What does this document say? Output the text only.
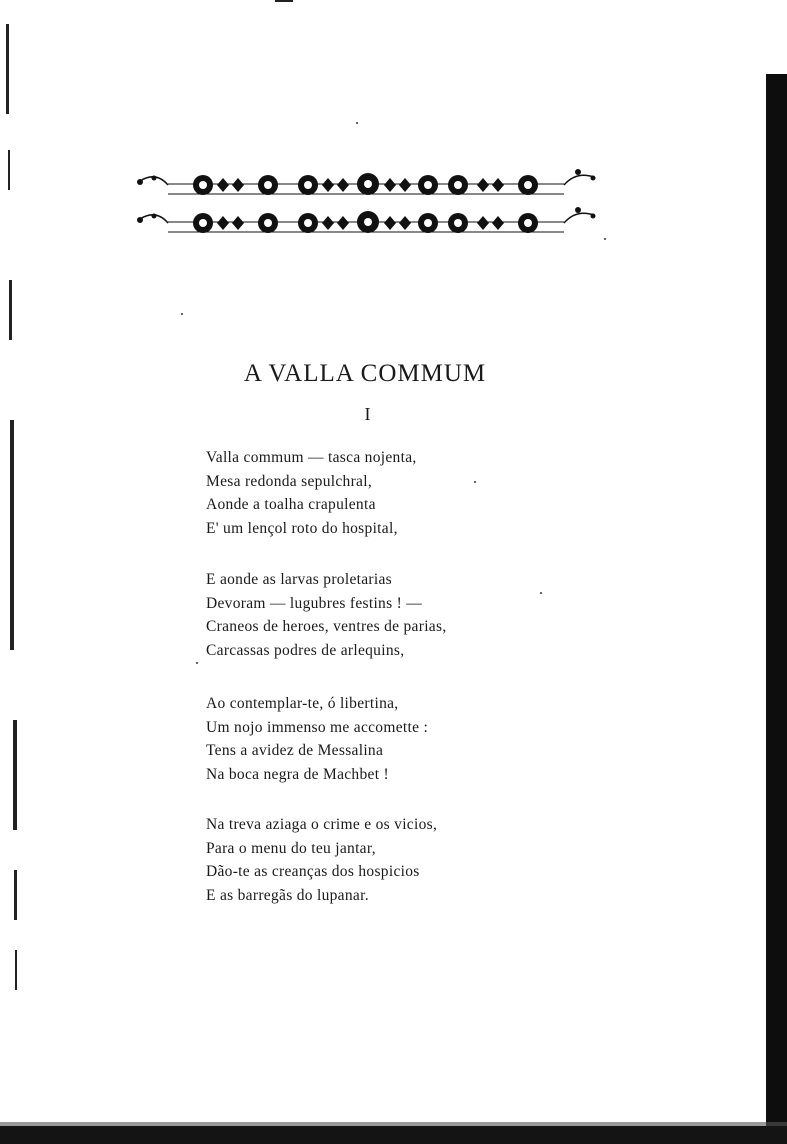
A VALLA COMMUM
I
Valla commum — tasca nojenta,
Mesa redonda sepulchral,
Aonde a toalha crapulenta
E' um lençol roto do hospital,
E aonde as larvas proletarias
Devoram — lugubres festins ! —
Craneos de heroes, ventres de parias,
Carcassas podres de arlequins,
Ao contemplar-te, ó libertina,
Um nojo immenso me accomette :
Tens a avidez de Messalina
Na boca negra de Machbet !
Na treva aziaga o crime e os vicios,
Para o menu do teu jantar,
Dão-te as creanças dos hospicios
E as barregãs do lupanar.
